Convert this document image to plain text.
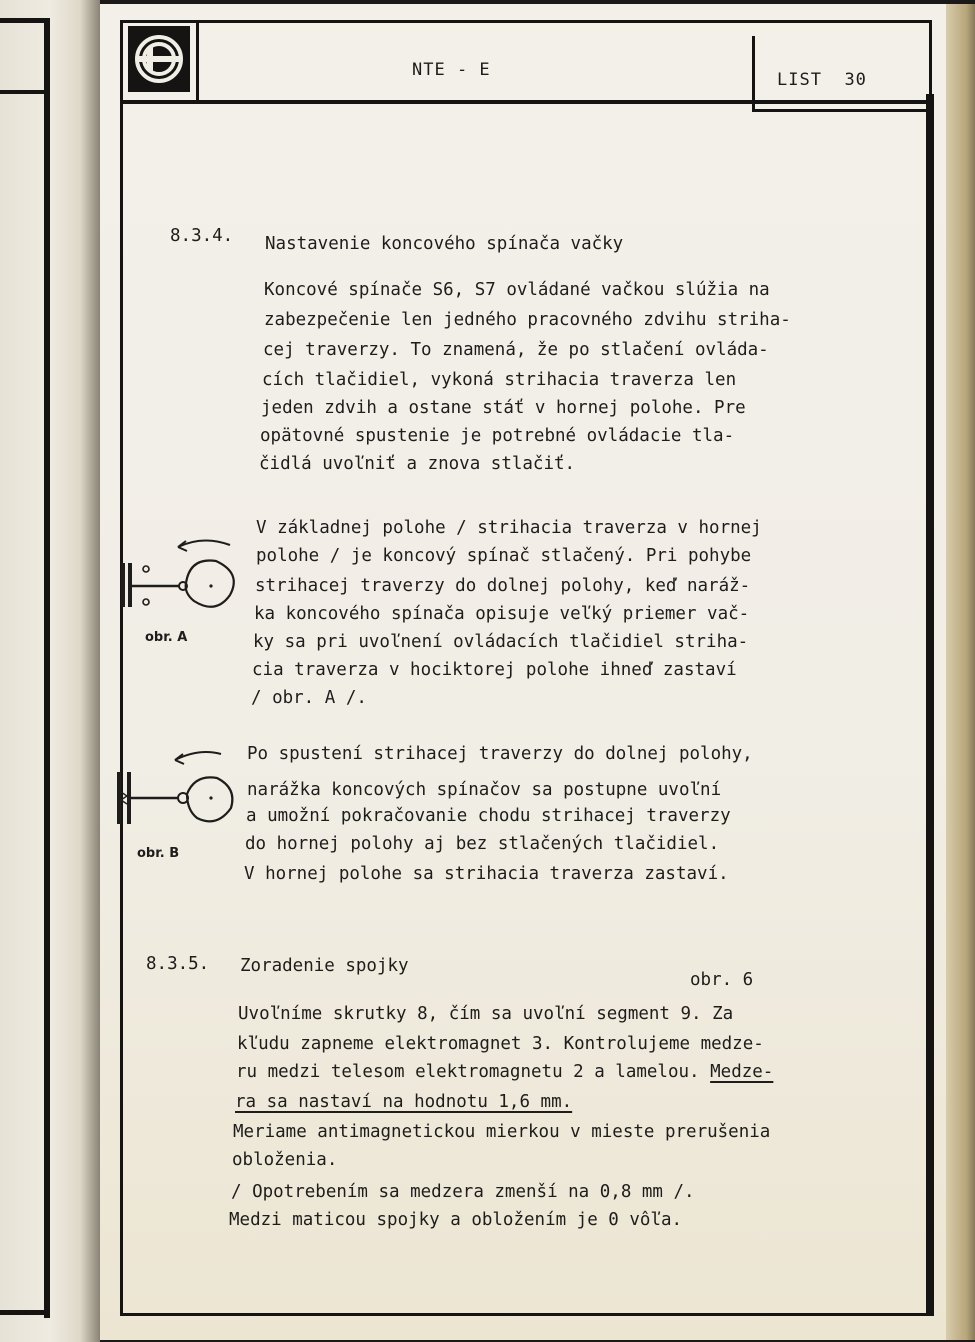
NTE - E	LIST 30
8.3.4. Nastavenie koncového spínača vačky
Koncové spínače S6, S7 ovládané vačkou slúžia na
zabezpečenie len jedného pracovného zdvihu striha-
cej traverzy. To znamená, že po stlačení ovláda-
cích tlačidiel, vykoná strihacia traverza len
jeden zdvih a ostane stáť v hornej polohe. Pre
opätovné spustenie je potrebné ovládacie tla-
čidlá uvoľniť a znova stlačiť.
V základnej polohe / strihacia traverza v hornej
polohe / je koncový spínač stlačený. Pri pohybe
strihacej traverzy do dolnej polohy, keď naráž-
ka koncového spínača opisuje veľký priemer vač-
ky sa pri uvoľnení ovládacích tlačidiel striha-
cia traverza v hociktorej polohe ihneď zastaví
/ obr. A /.
obr. A
Po spustení strihacej traverzy do dolnej polohy,
narážka koncových spínačov sa postupne uvoľní
a umožní pokračovanie chodu strihacej traverzy
do hornej polohy aj bez stlačených tlačidiel.
V hornej polohe sa strihacia traverza zastaví.
obr. B
8.3.5. Zoradenie spojky
obr. 6
Uvoľníme skrutky 8, čím sa uvoľní segment 9. Za
kľudu zapneme elektromagnet 3. Kontrolujeme medze-
ru medzi telesom elektromagnetu 2 a lamelou. Medze-
ra sa nastaví na hodnotu 1,6 mm.
Meriame antimagnetickou mierkou v mieste prerušenia
obloženia.
/ Opotrebením sa medzera zmenší na 0,8 mm /.
Medzi maticou spojky a obložením je 0 vôľa.
